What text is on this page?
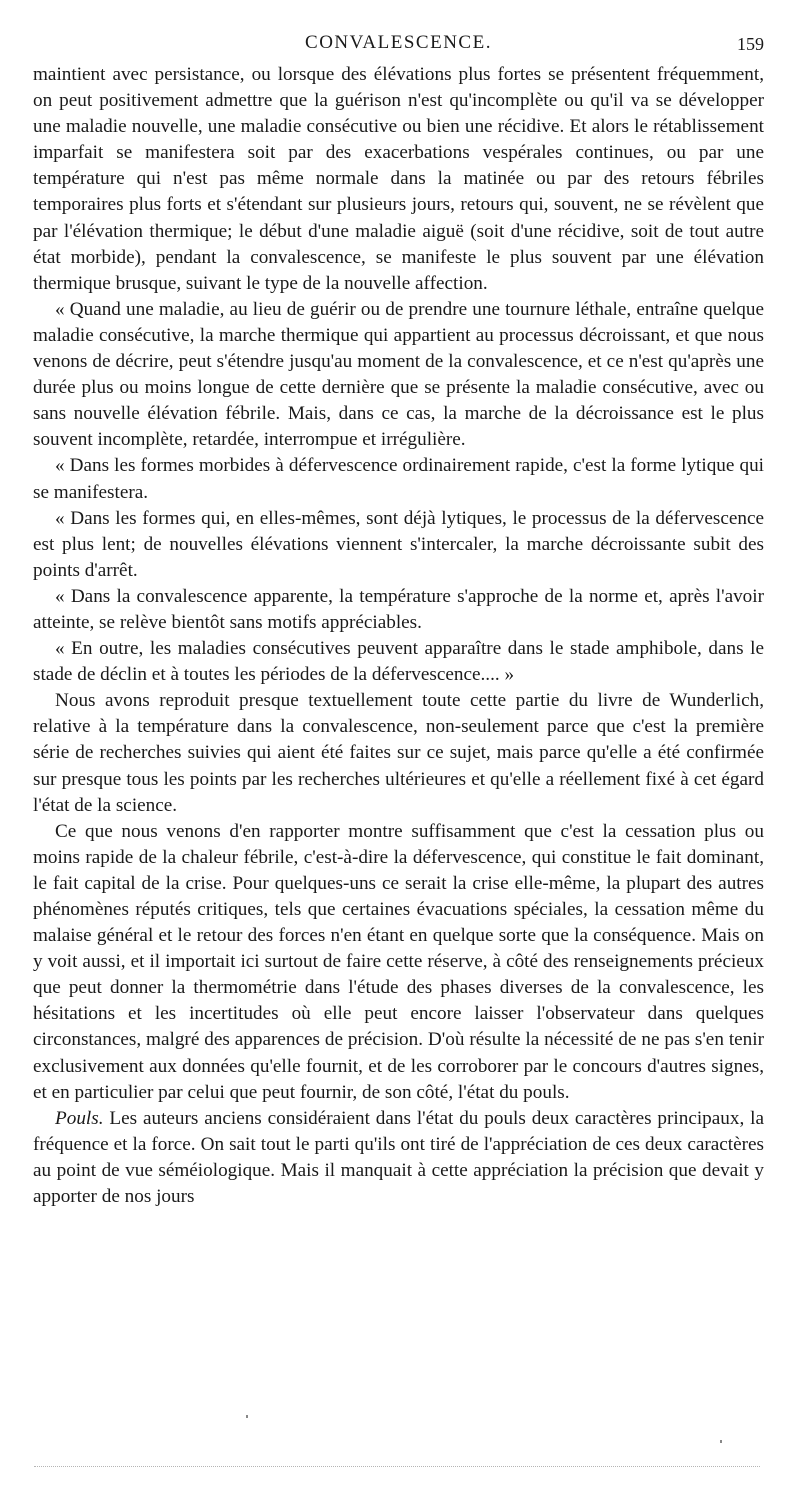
CONVALESCENCE.	159

maintient avec persistance, ou lorsque des élévations plus fortes se présentent fréquemment, on peut positivement admettre que la guérison n'est qu'incomplète ou qu'il va se développer une maladie nouvelle, une maladie consécutive ou bien une récidive. Et alors le rétablissement imparfait se manifestera soit par des exacerbations vespérales continues, ou par une température qui n'est pas même normale dans la matinée ou par des retours fébriles temporaires plus forts et s'étendant sur plusieurs jours, retours qui, souvent, ne se révèlent que par l'élévation thermique; le début d'une maladie aiguë (soit d'une récidive, soit de tout autre état morbide), pendant la convalescence, se manifeste le plus souvent par une élévation thermique brusque, suivant le type de la nouvelle affection.

« Quand une maladie, au lieu de guérir ou de prendre une tournure léthale, entraîne quelque maladie consécutive, la marche thermique qui appartient au processus décroissant, et que nous venons de décrire, peut s'étendre jusqu'au moment de la convalescence, et ce n'est qu'après une durée plus ou moins longue de cette dernière que se présente la maladie consécutive, avec ou sans nouvelle élévation fébrile. Mais, dans ce cas, la marche de la décroissance est le plus souvent incomplète, retardée, interrompue et irrégulière.

« Dans les formes morbides à défervescence ordinairement rapide, c'est la forme lytique qui se manifestera.

« Dans les formes qui, en elles-mêmes, sont déjà lytiques, le processus de la défervescence est plus lent; de nouvelles élévations viennent s'intercaler, la marche décroissante subit des points d'arrêt.

« Dans la convalescence apparente, la température s'approche de la norme et, après l'avoir atteinte, se relève bientôt sans motifs appréciables.

« En outre, les maladies consécutives peuvent apparaître dans le stade amphibole, dans le stade de déclin et à toutes les périodes de la défervescence.... »

Nous avons reproduit presque textuellement toute cette partie du livre de Wunderlich, relative à la température dans la convalescence, non-seulement parce que c'est la première série de recherches suivies qui aient été faites sur ce sujet, mais parce qu'elle a été confirmée sur presque tous les points par les recherches ultérieures et qu'elle a réellement fixé à cet égard l'état de la science.

Ce que nous venons d'en rapporter montre suffisamment que c'est la cessation plus ou moins rapide de la chaleur fébrile, c'est-à-dire la défervescence, qui constitue le fait dominant, le fait capital de la crise. Pour quelques-uns ce serait la crise elle-même, la plupart des autres phénomènes réputés critiques, tels que certaines évacuations spéciales, la cessation même du malaise général et le retour des forces n'en étant en quelque sorte que la conséquence. Mais on y voit aussi, et il importait ici surtout de faire cette réserve, à côté des renseignements précieux que peut donner la thermométrie dans l'étude des phases diverses de la convalescence, les hésitations et les incertitudes où elle peut encore laisser l'observateur dans quelques circonstances, malgré des apparences de précision. D'où résulte la nécessité de ne pas s'en tenir exclusivement aux données qu'elle fournit, et de les corroborer par le concours d'autres signes, et en particulier par celui que peut fournir, de son côté, l'état du pouls.

Pouls. Les auteurs anciens considéraient dans l'état du pouls deux caractères principaux, la fréquence et la force. On sait tout le parti qu'ils ont tiré de l'appréciation de ces deux caractères au point de vue séméiologique. Mais il manquait à cette appréciation la précision que devait y apporter de nos jours
